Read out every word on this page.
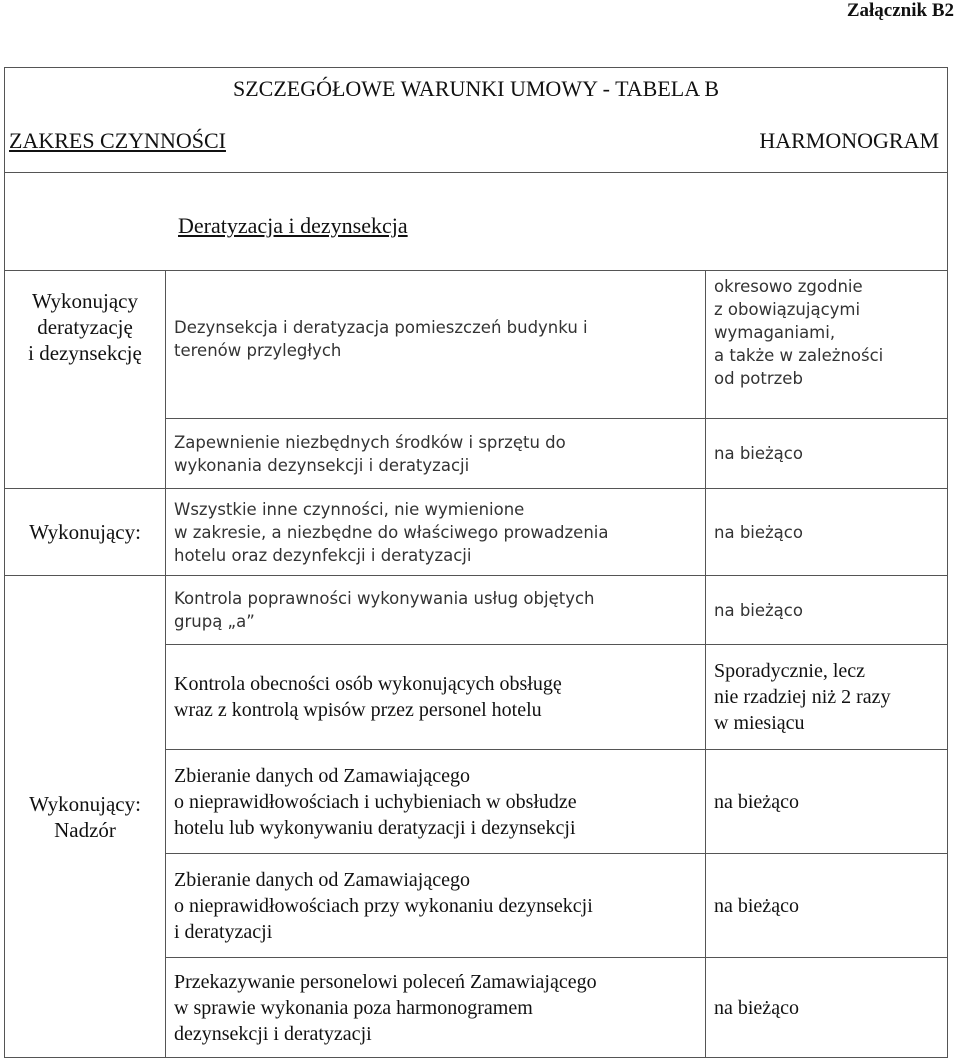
Załącznik B2
SZCZEGÓŁOWE WARUNKI UMOWY - TABELA B
ZAKRES CZYNNOŚCI HARMONOGRAM		

Deratyzacja i dezynsekcja		

Wykonujący
deratyzację
i dezynsekcję	Dezynsekcja i deratyzacja pomieszczeń budynku i
terenów przyległych	okresowo zgodnie
z obowiązującymi
wymaganiami,
a także w zależności
od potrzeb

	Zapewnienie niezbędnych środków i sprzętu do
wykonania dezynsekcji i deratyzacji	na bieżąco

Wykonujący:	Wszystkie inne czynności, nie wymienione
w zakresie, a niezbędne do właściwego prowadzenia
hotelu oraz dezynfekcji i deratyzacji	na bieżąco

Wykonujący:
Nadzór	Kontrola poprawności wykonywania usług objętych
grupą „a”	na bieżąco

	Kontrola obecności osób wykonujących obsługę
wraz z kontrolą wpisów przez personel hotelu	Sporadycznie, lecz
nie rzadziej niż 2 razy
w miesiącu

	Zbieranie danych od Zamawiającego
o nieprawidłowościach i uchybieniach w obsłudze
hotelu lub wykonywaniu deratyzacji i dezynsekcji	na bieżąco

	Zbieranie danych od Zamawiającego
o nieprawidłowościach przy wykonaniu dezynsekcji
i deratyzacji	na bieżąco

	Przekazywanie personelowi poleceń Zamawiającego
w sprawie wykonania poza harmonogramem
dezynsekcji i deratyzacji	na bieżąco
